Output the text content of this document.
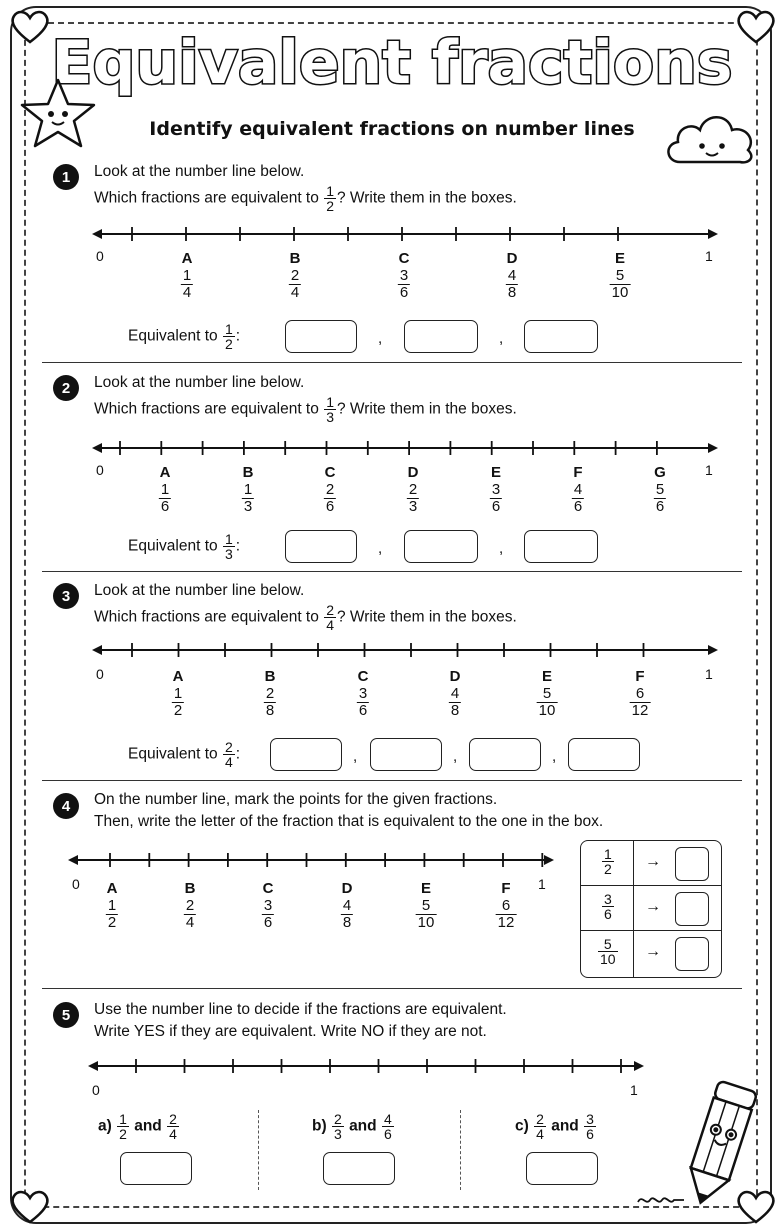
Equivalent fractions
Identify equivalent fractions on number lines
1	Look at the number line below.
Which fractions are equivalent to $\frac{1}{2}$ ? Write them in the boxes.
0	1
A
$\frac{1}{4}$
B
$\frac{2}{4}$
C
$\frac{3}{6}$
D
$\frac{4}{8}$
E
$\frac{5}{10}$
Equivalent to $\frac{1}{2}$ :	,	,
2	Look at the number line below.
Which fractions are equivalent to $\frac{1}{3}$ ? Write them in the boxes.
0	1
A
$\frac{1}{6}$
B
$\frac{1}{3}$
C
$\frac{2}{6}$
D
$\frac{2}{3}$
E
$\frac{3}{6}$
F
$\frac{4}{6}$
G
$\frac{5}{6}$
Equivalent to $\frac{1}{3}$ :	,	,
3	Look at the number line below.
Which fractions are equivalent to $\frac{2}{4}$ ? Write them in the boxes.
0	1
A
$\frac{1}{2}$
B
$\frac{2}{8}$
C
$\frac{3}{6}$
D
$\frac{4}{8}$
E
$\frac{5}{10}$
F
$\frac{6}{12}$
Equivalent to $\frac{2}{4}$ :	,	,	,
4	On the number line, mark the points for the given fractions.
Then, write the letter of the fraction that is equivalent to the one in the box.
0	1
A
$\frac{1}{2}$
B
$\frac{2}{4}$
C
$\frac{3}{6}$
D
$\frac{4}{8}$
E
$\frac{5}{10}$
F
$\frac{6}{12}$
$\frac{1}{2}$ →
$\frac{3}{6}$ →
$\frac{5}{10}$ →
5	Use the number line to decide if the fractions are equivalent.
Write YES if they are equivalent. Write NO if they are not.
0	1
$a) \frac{1}{2}$ and $\frac{2}{4}$	$b) \frac{2}{3}$ and $\frac{4}{6}$	$c) \frac{2}{4}$ and $\frac{3}{6}$
